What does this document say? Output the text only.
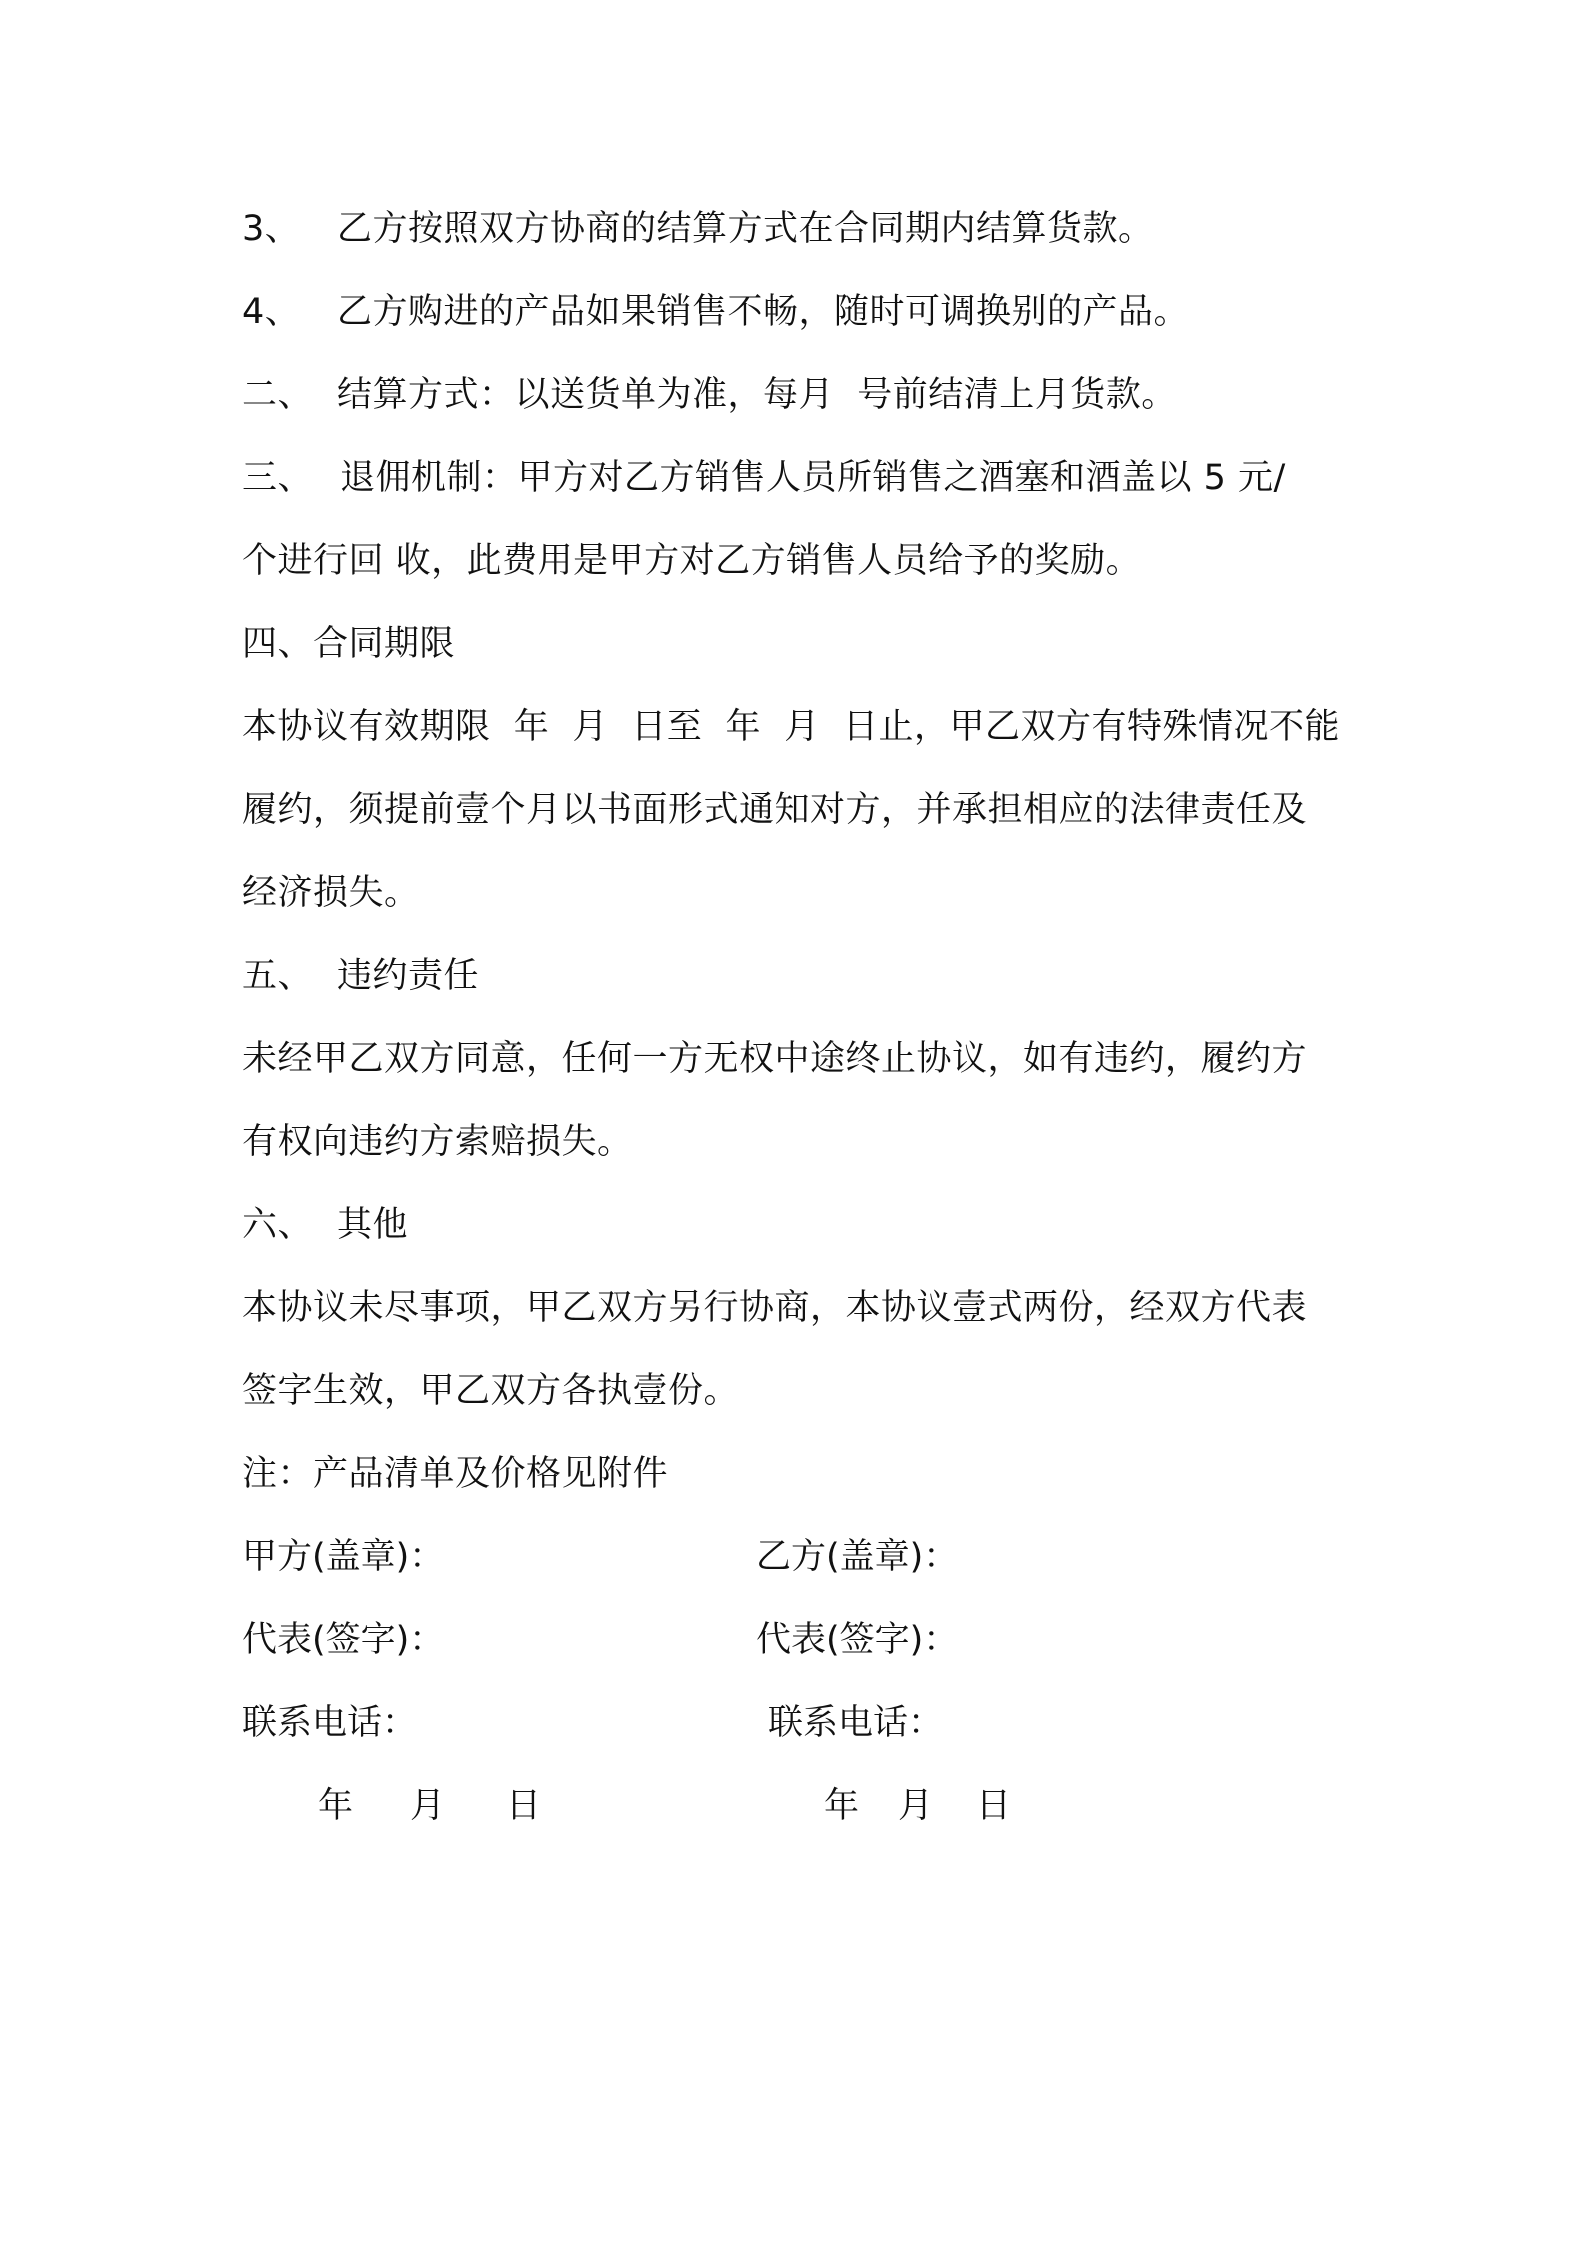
3、 乙方按照双方协商的结算方式在合同期内结算货款。
4、 乙方购进的产品如果销售不畅，随时可调换别的产品。
二、 结算方式：以送货单为准，每月  号前结清上月货款。
三、 退佣机制：甲方对乙方销售人员所销售之酒塞和酒盖以 5 元/
个进行回 收，此费用是甲方对乙方销售人员给予的奖励。
四、合同期限
本协议有效期限  年  月  日至  年  月  日止，甲乙双方有特殊情况不能
履约，须提前壹个月以书面形式通知对方，并承担相应的法律责任及
经济损失。
五、 违约责任
未经甲乙双方同意，任何一方无权中途终止协议，如有违约，履约方
有权向违约方索赔损失。
六、 其他
本协议未尽事项，甲乙双方另行协商，本协议壹式两份，经双方代表
签字生效，甲乙双方各执壹份。
注：产品清单及价格见附件
甲方(盖章)：	乙方(盖章)：
代表(签字)：	代表(签字)：
联系电话：	联系电话：
年 月 日	年 月 日
